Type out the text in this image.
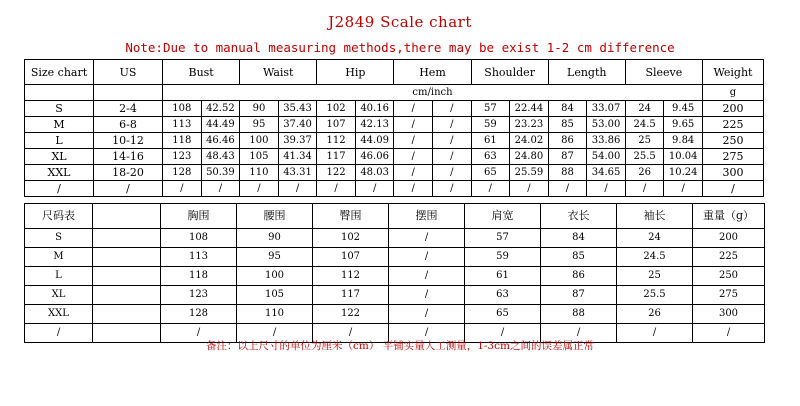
J2849 Scale chart
Note:Due to manual measuring methods,there may be exist 1-2 cm difference
Size chart	US	Bust		Waist		Hip		Hem		Shoulder		Length		Sleeve		Weight
		cm/inch														g
S	2-4	108	42.52	90	35.43	102	40.16	/	/	57	22.44	84	33.07	24	9.45	200
M	6-8	113	44.49	95	37.40	107	42.13	/	/	59	23.23	85	53.00	24.5	9.65	225
L	10-12	118	46.46	100	39.37	112	44.09	/	/	61	24.02	86	33.86	25	9.84	250
XL	14-16	123	48.43	105	41.34	117	46.06	/	/	63	24.80	87	54.00	25.5	10.04	275
XXL	18-20	128	50.39	110	43.31	122	48.03	/	/	65	25.59	88	34.65	26	10.24	300
/	/	/	/	/	/	/	/	/	/	/	/	/	/	/	/	/
尺码表		胸围	腰围	臀围	摆围	肩宽	衣长	袖长	重量（g）
S		108	90	102	/	57	84	24	200
M		113	95	107	/	59	85	24.5	225
L		118	100	112	/	61	86	25	250
XL		123	105	117	/	63	87	25.5	275
XXL		128	110	122	/	65	88	26	300
/		/	/	/	/	/	/	/	/
备注：以上尺寸的单位为厘米（cm） 平铺实量人工测量，1-3cm之间的误差属正常
